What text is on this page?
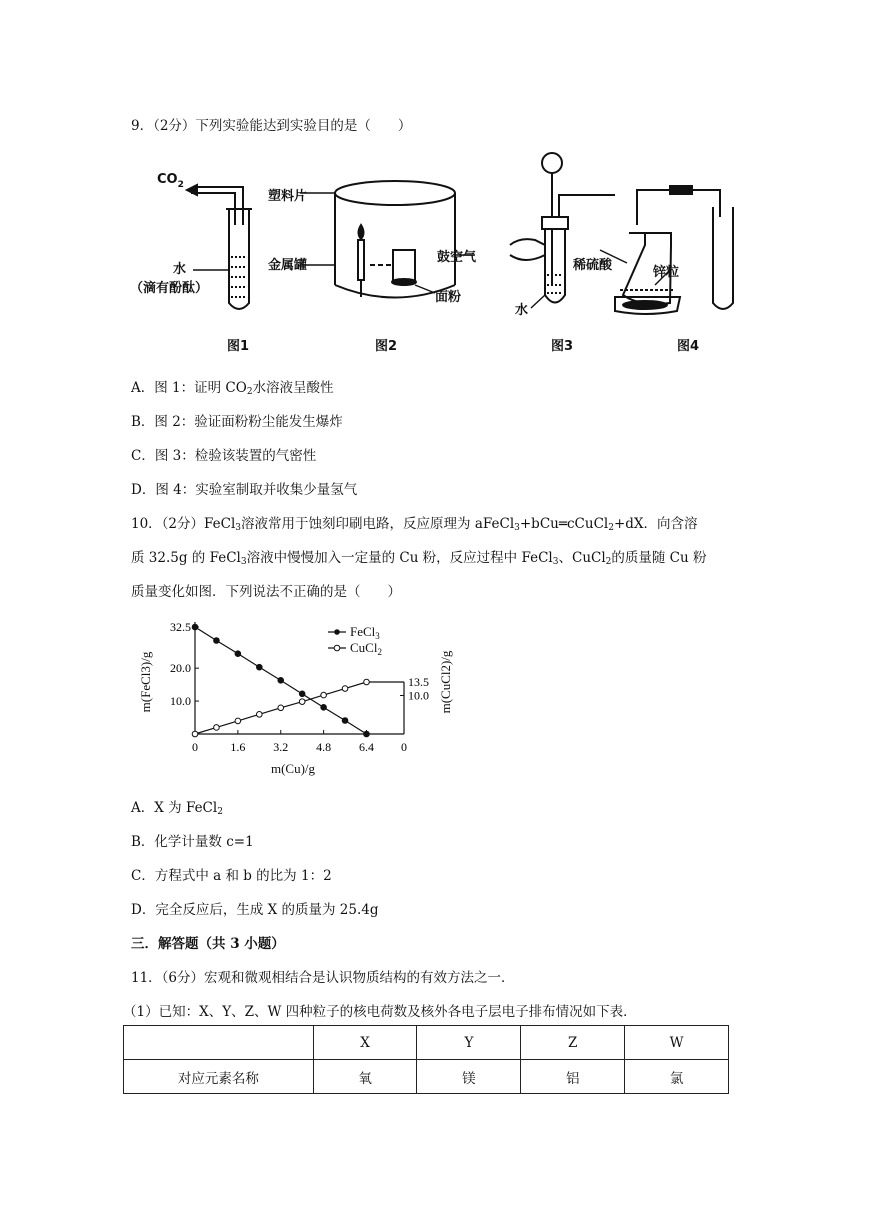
9．（2分）下列实验能达到实验目的是（　　）
$CO_2$
水
（滴有酚酞）
塑料片
金属罐
鼓空气
面粉
水
稀硫酸	锌粒
图1	图2	图3	图4
A．图 1：证明 $CO_2$水溶液呈酸性
B．图 2：验证面粉粉尘能发生爆炸
C．图 3：检验该装置的气密性
D．图 4：实验室制取并收集少量氢气
10．（2分）FeCl$_3$溶液常用于蚀刻印刷电路，反应原理为 aFeCl$_3$+bCu═cCuCl$_2$+dX．向含溶
质 32.5g 的 FeCl$_3$溶液中慢慢加入一定量的 Cu 粉，反应过程中 FeCl$_3$、CuCl$_2$的质量随 Cu 粉
质量变化如图．下列说法不正确的是（　　）
m(FeCl3)/g	m(CuCl2)/g
m(Cu)/g
FeCl$_3$
CuCl$_2$
0	1.6 3.2 4.8 6.4 0
32.5
20.0
10.0
13.5
10.0
A．X 为 FeCl$_2$
B．化学计量数 c=1
C．方程式中 a 和 b 的比为 1：2
D．完全反应后，生成 X 的质量为 25.4g
三．解答题（共 3 小题）
11．（6分）宏观和微观相结合是认识物质结构的有效方法之一．
（1）已知：X、Y、Z、W 四种粒子的核电荷数及核外各电子层电子排布情况如下表．
	X	Y	Z	W
对应元素名称	氧	镁	铝	氯
